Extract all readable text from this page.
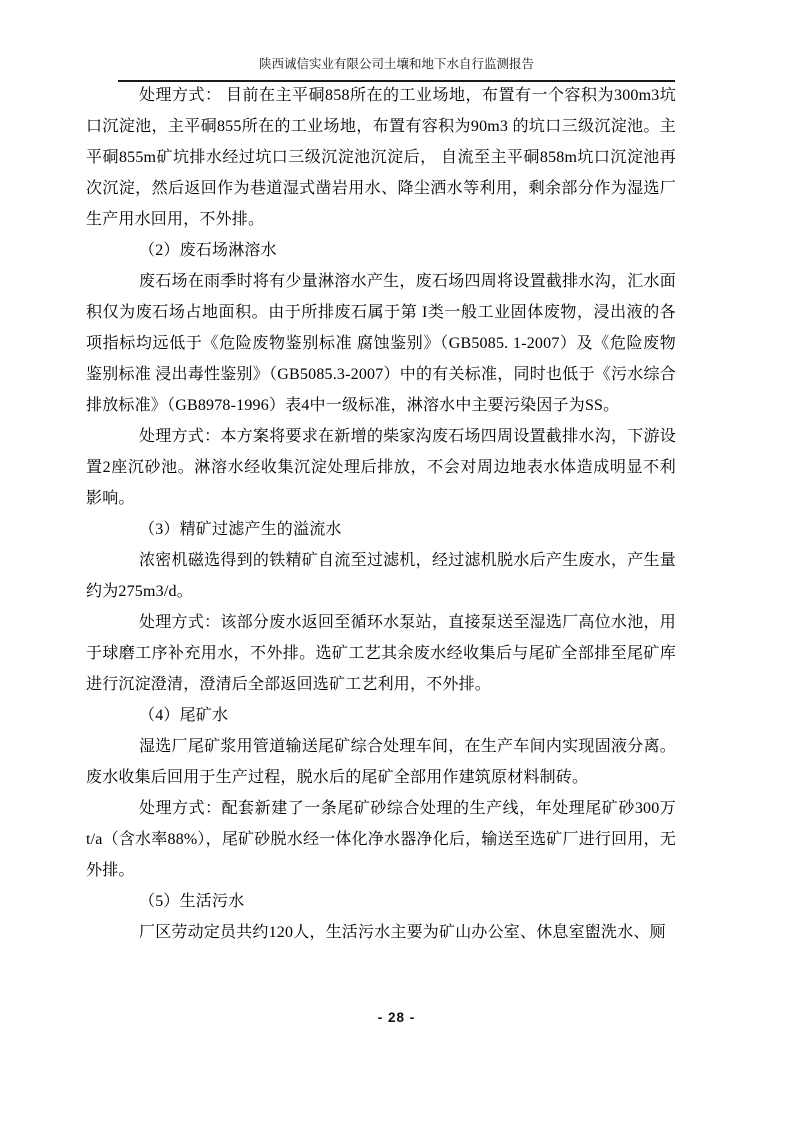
陕西诚信实业有限公司土壤和地下水自行监测报告

处理方式： 目前在主平硐858所在的工业场地，布置有一个容积为300m3坑口沉淀池，主平硐855所在的工业场地，布置有容积为90m3 的坑口三级沉淀池。主平硐855m矿坑排水经过坑口三级沉淀池沉淀后， 自流至主平硐858m坑口沉淀池再次沉淀，然后返回作为巷道湿式凿岩用水、降尘洒水等利用，剩余部分作为湿选厂生产用水回用，不外排。

（2）废石场淋溶水

废石场在雨季时将有少量淋溶水产生，废石场四周将设置截排水沟，汇水面积仅为废石场占地面积。由于所排废石属于第 I类一般工业固体废物，浸出液的各项指标均远低于《危险废物鉴别标准 腐蚀鉴别》（GB5085. 1-2007）及《危险废物鉴别标准 浸出毒性鉴别》（GB5085.3-2007）中的有关标准，同时也低于《污水综合排放标准》（GB8978-1996）表4中一级标准，淋溶水中主要污染因子为SS。

处理方式：本方案将要求在新增的柴家沟废石场四周设置截排水沟，下游设置2座沉砂池。淋溶水经收集沉淀处理后排放，不会对周边地表水体造成明显不利影响。

（3）精矿过滤产生的溢流水

浓密机磁选得到的铁精矿自流至过滤机，经过滤机脱水后产生废水，产生量约为275m3/d。

处理方式：该部分废水返回至循环水泵站，直接泵送至湿选厂高位水池，用于球磨工序补充用水，不外排。选矿工艺其余废水经收集后与尾矿全部排至尾矿库进行沉淀澄清，澄清后全部返回选矿工艺利用，不外排。

（4）尾矿水

湿选厂尾矿浆用管道输送尾矿综合处理车间，在生产车间内实现固液分离。废水收集后回用于生产过程，脱水后的尾矿全部用作建筑原材料制砖。

处理方式：配套新建了一条尾矿砂综合处理的生产线，年处理尾矿砂300万t/a（含水率88%），尾矿砂脱水经一体化净水器净化后，输送至选矿厂进行回用，无外排。

（5）生活污水

厂区劳动定员共约120人，生活污水主要为矿山办公室、休息室盥洗水、厕

- 28 -
